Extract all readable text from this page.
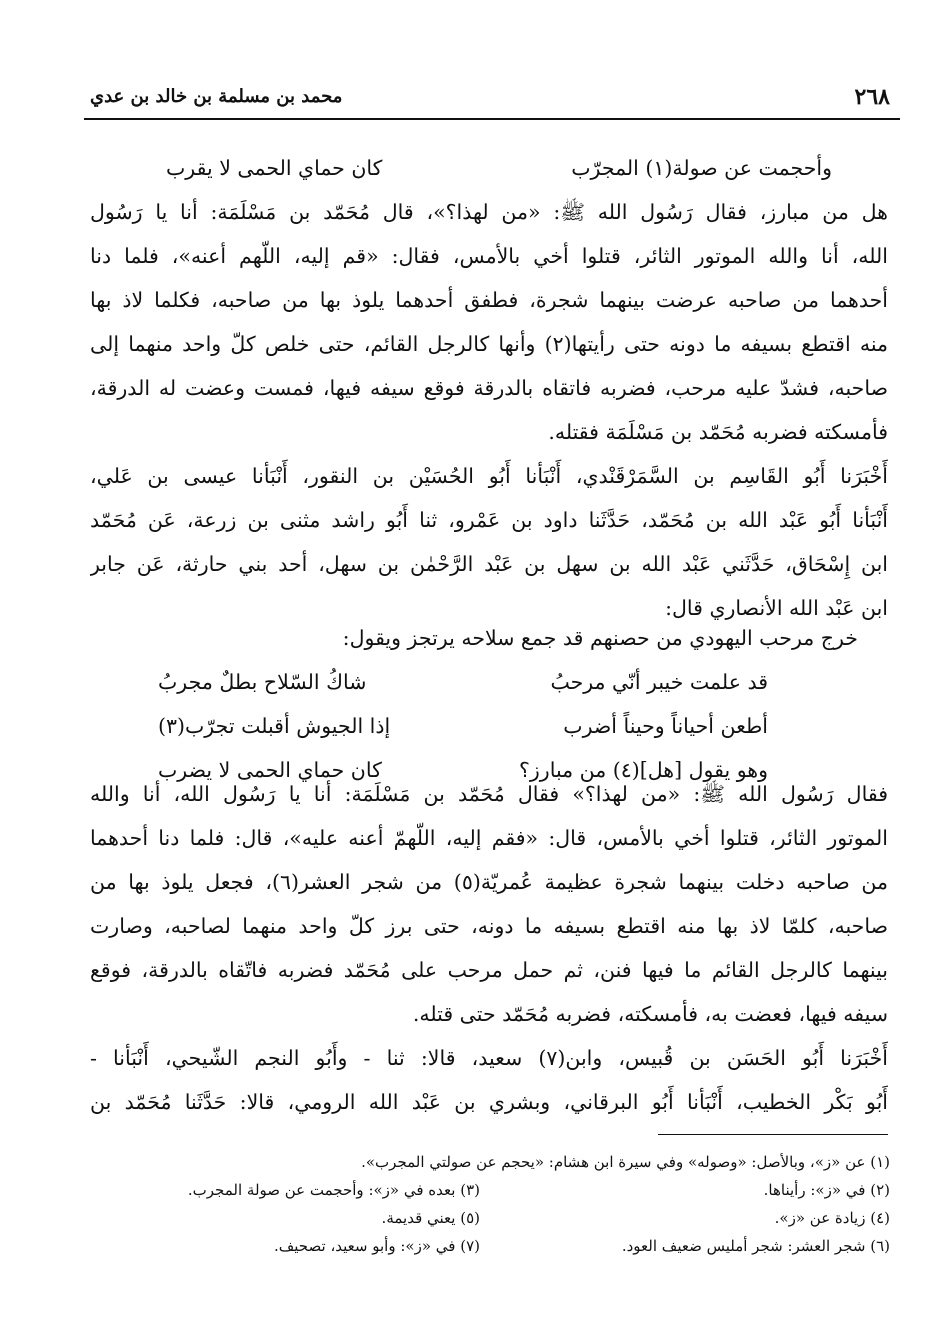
٢٦٨
محمد بن مسلمة بن خالد بن عدي
وأحجمت عن صولة(١) المجرّب
كان حماي الحمى لا يقرب
هل من مبارز، فقال رَسُول الله ﷺ: «من لهذا؟»، قال مُحَمّد بن مَسْلَمَة: أنا يا رَسُول
الله، أنا والله الموتور الثائر، قتلوا أخي بالأمس، فقال: «قم إليه، اللّهم أعنه»، فلما دنا
أحدهما من صاحبه عرضت بينهما شجرة، فطفق أحدهما يلوذ بها من صاحبه، فكلما لاذ بها
منه اقتطع بسيفه ما دونه حتى رأيتها(٢) وأنها كالرجل القائم، حتى خلص كلّ واحد منهما إلى
صاحبه، فشدّ عليه مرحب، فضربه فاتقاه بالدرقة فوقع سيفه فيها، فمست وعضت له الدرقة،
فأمسكته فضربه مُحَمّد بن مَسْلَمَة فقتله.
أَخْبَرَنا أَبُو القَاسِم بن السَّمَرْقَنْدي، أَنْبَأنا أَبُو الحُسَيْن بن النقور، أَنْبَأنا عيسى بن عَلي،
أَنْبَأنا أَبُو عَبْد الله بن مُحَمّد، حَدَّثَنا داود بن عَمْرو، ثنا أَبُو راشد مثنى بن زرعة، عَن مُحَمّد
ابن إِسْحَاق، حَدَّثَني عَبْد الله بن سهل بن عَبْد الرَّحْمٰن بن سهل، أحد بني حارثة، عَن جابر
ابن عَبْد الله الأنصاري قال:
خرج مرحب اليهودي من حصنهم قد جمع سلاحه يرتجز ويقول:
قد علمت خيبر أنّي مرحبُ
شاكُ السّلاح بطلٌ مجربُ
أطعن أحياناً وحيناً أضرب
إذا الجيوش أقبلت تجرّب(٣)
وهو يقول [هل](٤) من مبارز؟
كان حماي الحمى لا يضرب
فقال رَسُول الله ﷺ: «من لهذا؟» فقال مُحَمّد بن مَسْلَمَة: أنا يا رَسُول الله، أنا والله
الموتور الثائر، قتلوا أخي بالأمس، قال: «فقم إليه، اللّهمّ أعنه عليه»، قال: فلما دنا أحدهما
من صاحبه دخلت بينهما شجرة عظيمة عُمريّة(٥) من شجر العشر(٦)، فجعل يلوذ بها من
صاحبه، كلمّا لاذ بها منه اقتطع بسيفه ما دونه، حتى برز كلّ واحد منهما لصاحبه، وصارت
بينهما كالرجل القائم ما فيها فنن، ثم حمل مرحب على مُحَمّد فضربه فاتّقاه بالدرقة، فوقع
سيفه فيها، فعضت به، فأمسكته، فضربه مُحَمّد حتى قتله.
أَخْبَرَنا أَبُو الحَسَن بن قُبيس، وابن(٧) سعيد، قالا: ثنا - وأَبُو النجم الشّيحي، أَنْبَأنا -
أَبُو بَكْر الخطيب، أَنْبَأنا أَبُو البرقاني، وبشري بن عَبْد الله الرومي، قالا: حَدَّثَنا مُحَمّد بن
(١) عن «ز»، وبالأصل: «وصوله» وفي سيرة ابن هشام: «يحجم عن صولتي المجرب».
(٢) في «ز»: رأيناها.
(٣) بعده في «ز»: وأحجمت عن صولة المجرب.
(٤) زيادة عن «ز».
(٥) يعني قديمة.
(٦) شجر العشر: شجر أمليس ضعيف العود.
(٧) في «ز»: وأبو سعيد، تصحيف.
